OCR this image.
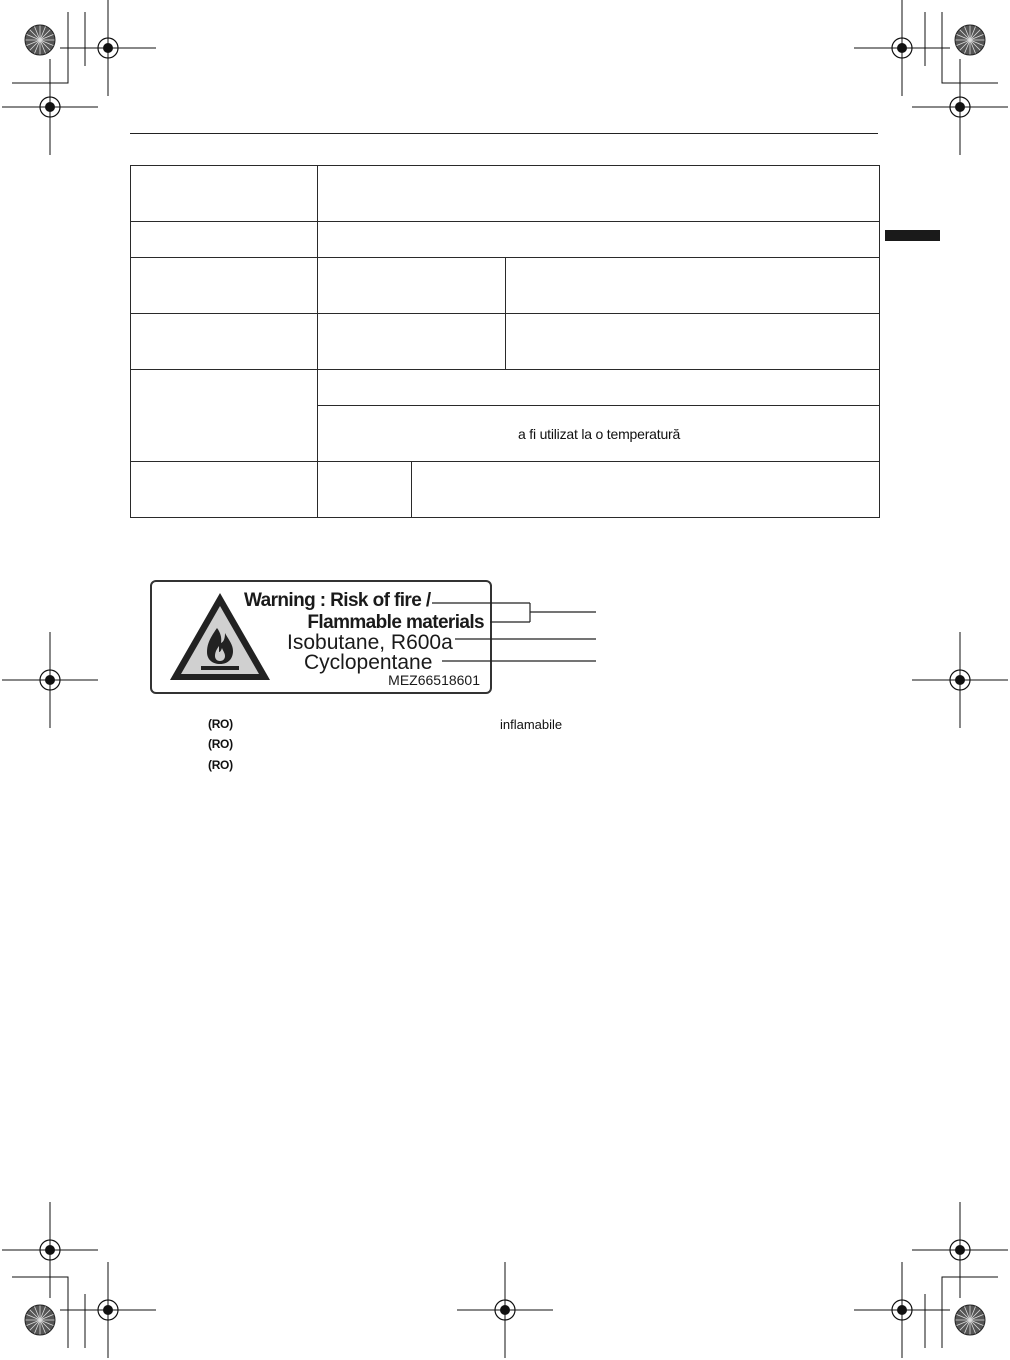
	a fi utilizat la o temperatură		

Warning : Risk of fire /
Flammable materials
Isobutane, R600a
Cyclopentane
MEZ66518601
(RO)	inflamabile
(RO)
(RO)
